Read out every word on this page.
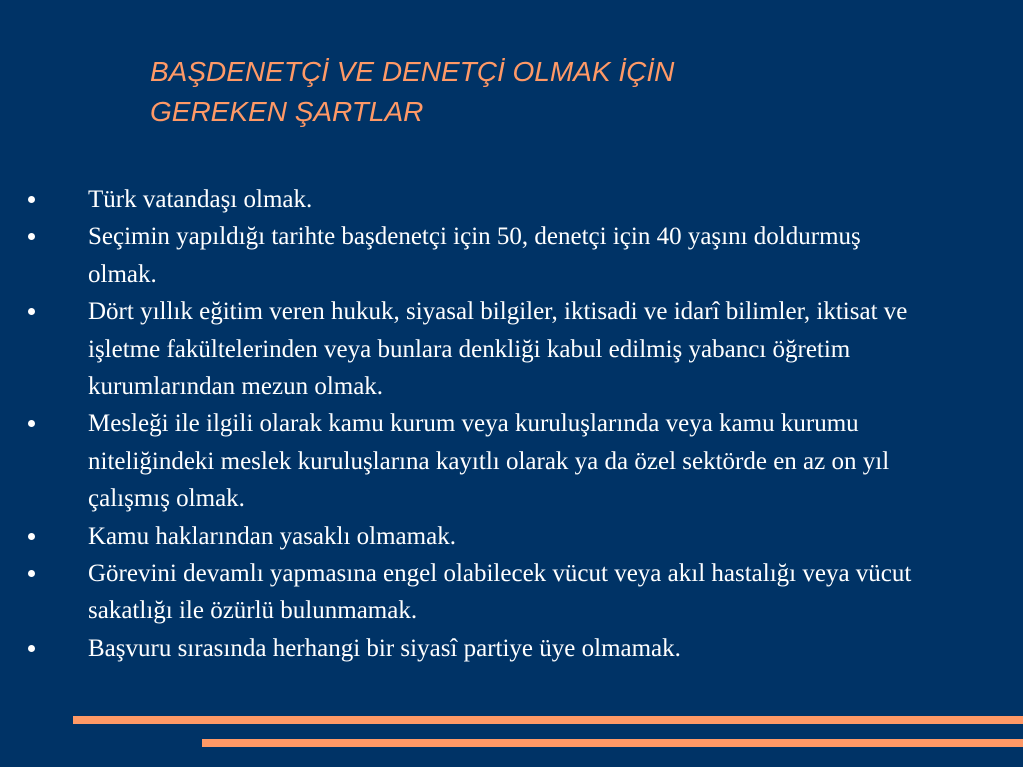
BAŞDENETÇİ VE DENETÇİ OLMAK İÇİN
GEREKEN ŞARTLAR
Türk vatandaşı olmak.
Seçimin yapıldığı tarihte başdenetçi için 50, denetçi için 40 yaşını doldurmuş olmak.
Dört yıllık eğitim veren hukuk, siyasal bilgiler, iktisadi ve idarî bilimler, iktisat ve işletme fakültelerinden veya bunlara denkliği kabul edilmiş yabancı öğretim kurumlarından mezun olmak.
Mesleği ile ilgili olarak kamu kurum veya kuruluşlarında veya kamu kurumu niteliğindeki meslek kuruluşlarına kayıtlı olarak ya da özel sektörde en az on yıl çalışmış olmak.
Kamu haklarından yasaklı olmamak.
Görevini devamlı yapmasına engel olabilecek vücut veya akıl hastalığı veya vücut sakatlığı ile özürlü bulunmamak.
Başvuru sırasında herhangi bir siyasî partiye üye olmamak.
